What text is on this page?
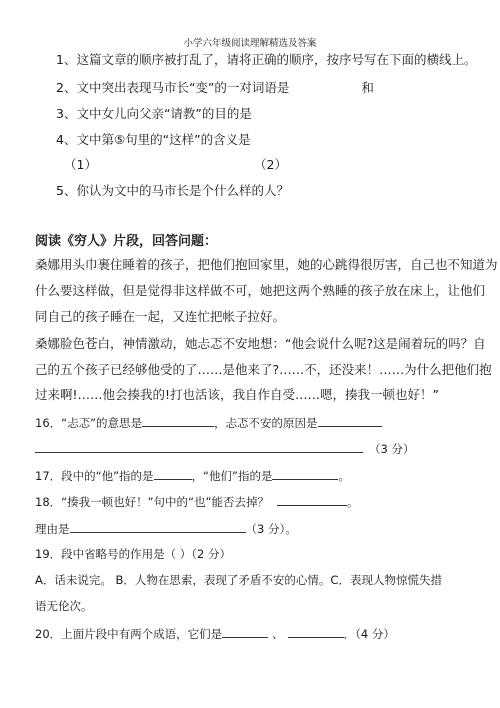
小学六年级阅读理解精选及答案
1、这篇文章的顺序被打乱了，请将正确的顺序，按序号写在下面的横线上。
2、文中突出表现马市长“变”的一对词语是	和
3、文中女儿向父亲“请教”的目的是
4、文中第⑤句里的“这样”的含义是
（1）	（2）
5、你认为文中的马市长是个什么样的人？
阅读《穷人》片段，回答问题：
桑娜用头巾裹住睡着的孩子，把他们抱回家里，她的心跳得很厉害，自己也不知道为
什么要这样做，但是觉得非这样做不可，她把这两个熟睡的孩子放在床上，让他们
同自己的孩子睡在一起，又连忙把帐子拉好。
桑娜脸色苍白，神情激动，她忐忑不安地想：“他会说什么呢?这是闹着玩的吗？自
己的五个孩子已经够他受的了……是他来了?……不，还没来！……为什么把他们抱
过来啊!……他会揍我的!打也活该，我自作自受……嗯，揍我一顿也好！”
16．“忐忑”的意思是	，忐忑不安的原因是
（3 分）
17．段中的“他”指的是	，“他们”指的是	。
18．“揍我一顿也好！”句中的“也”能否去掉？	。
理由是	（3 分）。
19．段中省略号的作用是（ ）（2 分）
A．话未说完。 B．人物在思索，表现了矛盾不安的心情。C．表现人物惊慌失措
语无伦次。
20．上面片段中有两个成语，它们是	、	．（4 分）
